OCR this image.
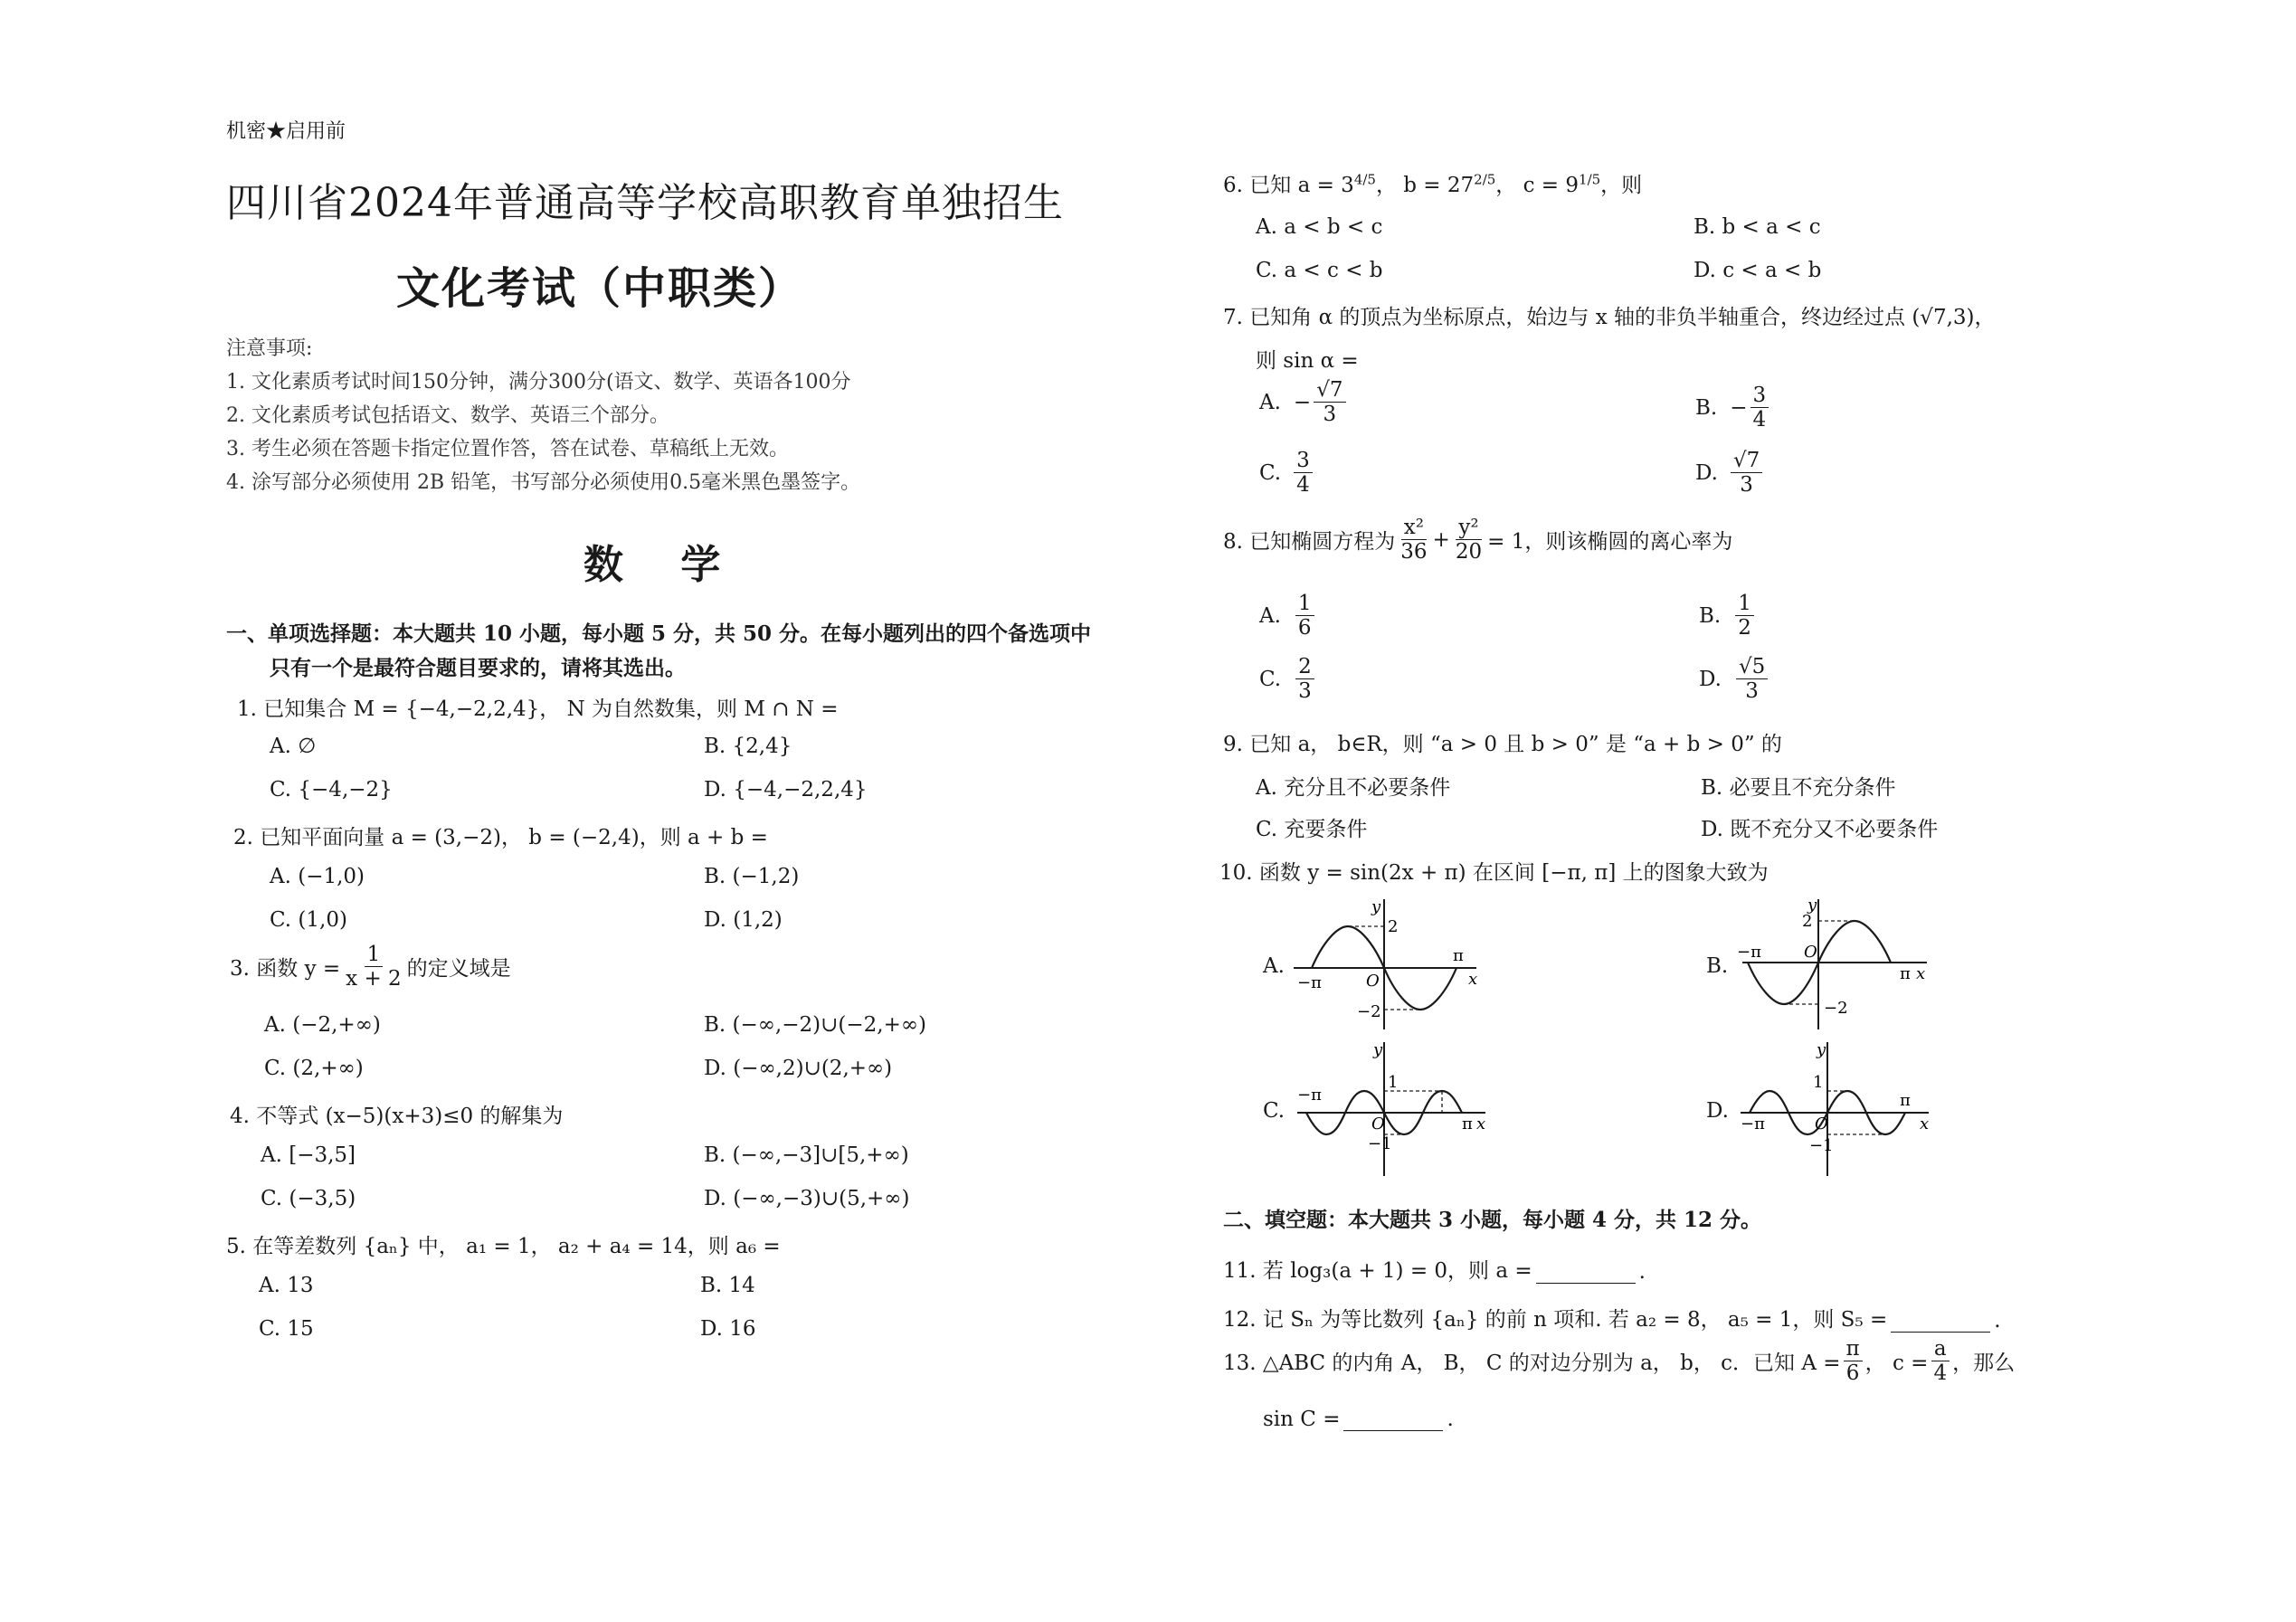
机密★启用前
四川省2024年普通高等学校高职教育单独招生
文化考试（中职类）
注意事项:
1. 文化素质考试时间150分钟，满分300分(语文、数学、英语各100分
2. 文化素质考试包括语文、数学、英语三个部分。
3. 考生必须在答题卡指定位置作答，答在试卷、草稿纸上无效。
4. 涂写部分必须使用 2B 铅笔，书写部分必须使用0.5毫米黑色墨签字。
数 学
一、单项选择题：本大题共 10 小题，每小题 5 分，共 50 分。在每小题列出的四个备选项中
只有一个是最符合题目要求的，请将其选出。
1. 已知集合 M = {−4,−2,2,4}， N 为自然数集，则 M ∩ N =
A. ∅	B. {2,4}
C. {−4,−2}	D. {−4,−2,2,4}
2. 已知平面向量 a = (3,−2)， b = (−2,4)，则 a + b =
A. (−1,0)	B. (−1,2)
C. (1,0)	D. (1,2)
3. 函数 $y = \frac{1}{x + 2}$ 的定义域是
A. (−2,+∞)	B. (−∞,−2)∪(−2,+∞)
C. (2,+∞)	D. (−∞,2)∪(2,+∞)
4. 不等式 (x−5)(x+3)≤0 的解集为
A. [−3,5]	B. (−∞,−3]∪[5,+∞)
C. (−3,5)	D. (−∞,−3)∪(5,+∞)
5. 在等差数列 {aₙ} 中， a₁ = 1， a₂ + a₄ = 14，则 a₆ =
A. 13	B. 14
C. 15	D. 16
6. 已知 $a = 3^{4/5}$， $b = 27^{2/5}$， $c = 9^{1/5}$，则
A. a < b < c	B. b < a < c
C. a < c < b	D. c < a < b
7. 已知角 α 的顶点为坐标原点，始边与 x 轴的非负半轴重合，终边经过点 (√7,3)，
则 sin α =
A. − $\frac{√7}{3}$	B. − $\frac{3}{4}$
C. $\frac{3}{4}$	D. $\frac{√7}{3}$
8. 已知椭圆方程为 $\frac{\text{x²}}{36} + \frac{\text{y²}}{20} = 1$，则该椭圆的离心率为
A. $\frac{1}{6}$	B. $\frac{1}{2}$
C. $\frac{2}{3}$	D. $\frac{√5}{3}$
9. 已知 a， b∈R，则 “a > 0 且 b > 0” 是 “a + b > 0” 的
A. 充分且不必要条件	B. 必要且不充分条件
C. 充要条件	D. 既不充分又不必要条件
10. 函数 y = sin(2x + π) 在区间 [−π, π] 上的图象大致为
A.	B.
C.	D.
y
x
2
−2
O
−π
π
y
x
2
−2
O
−π
π
y
x
1
−1
O
−π
π
y
x
1
−1
O
−π
π
二、填空题：本大题共 3 小题，每小题 4 分，共 12 分。
11. 若 log₃(a + 1) = 0，则 a =	.
12. 记 Sₙ 为等比数列 {aₙ} 的前 n 项和. 若 a₂ = 8， a₅ = 1，则 S₅ =	.
13. △ABC 的内角 A， B， C 的对边分别为 a， b， c．已知 $A = \frac{\pi}{6}$ ， $c = \frac{a}{4}$ ，那么
sin C =	.
